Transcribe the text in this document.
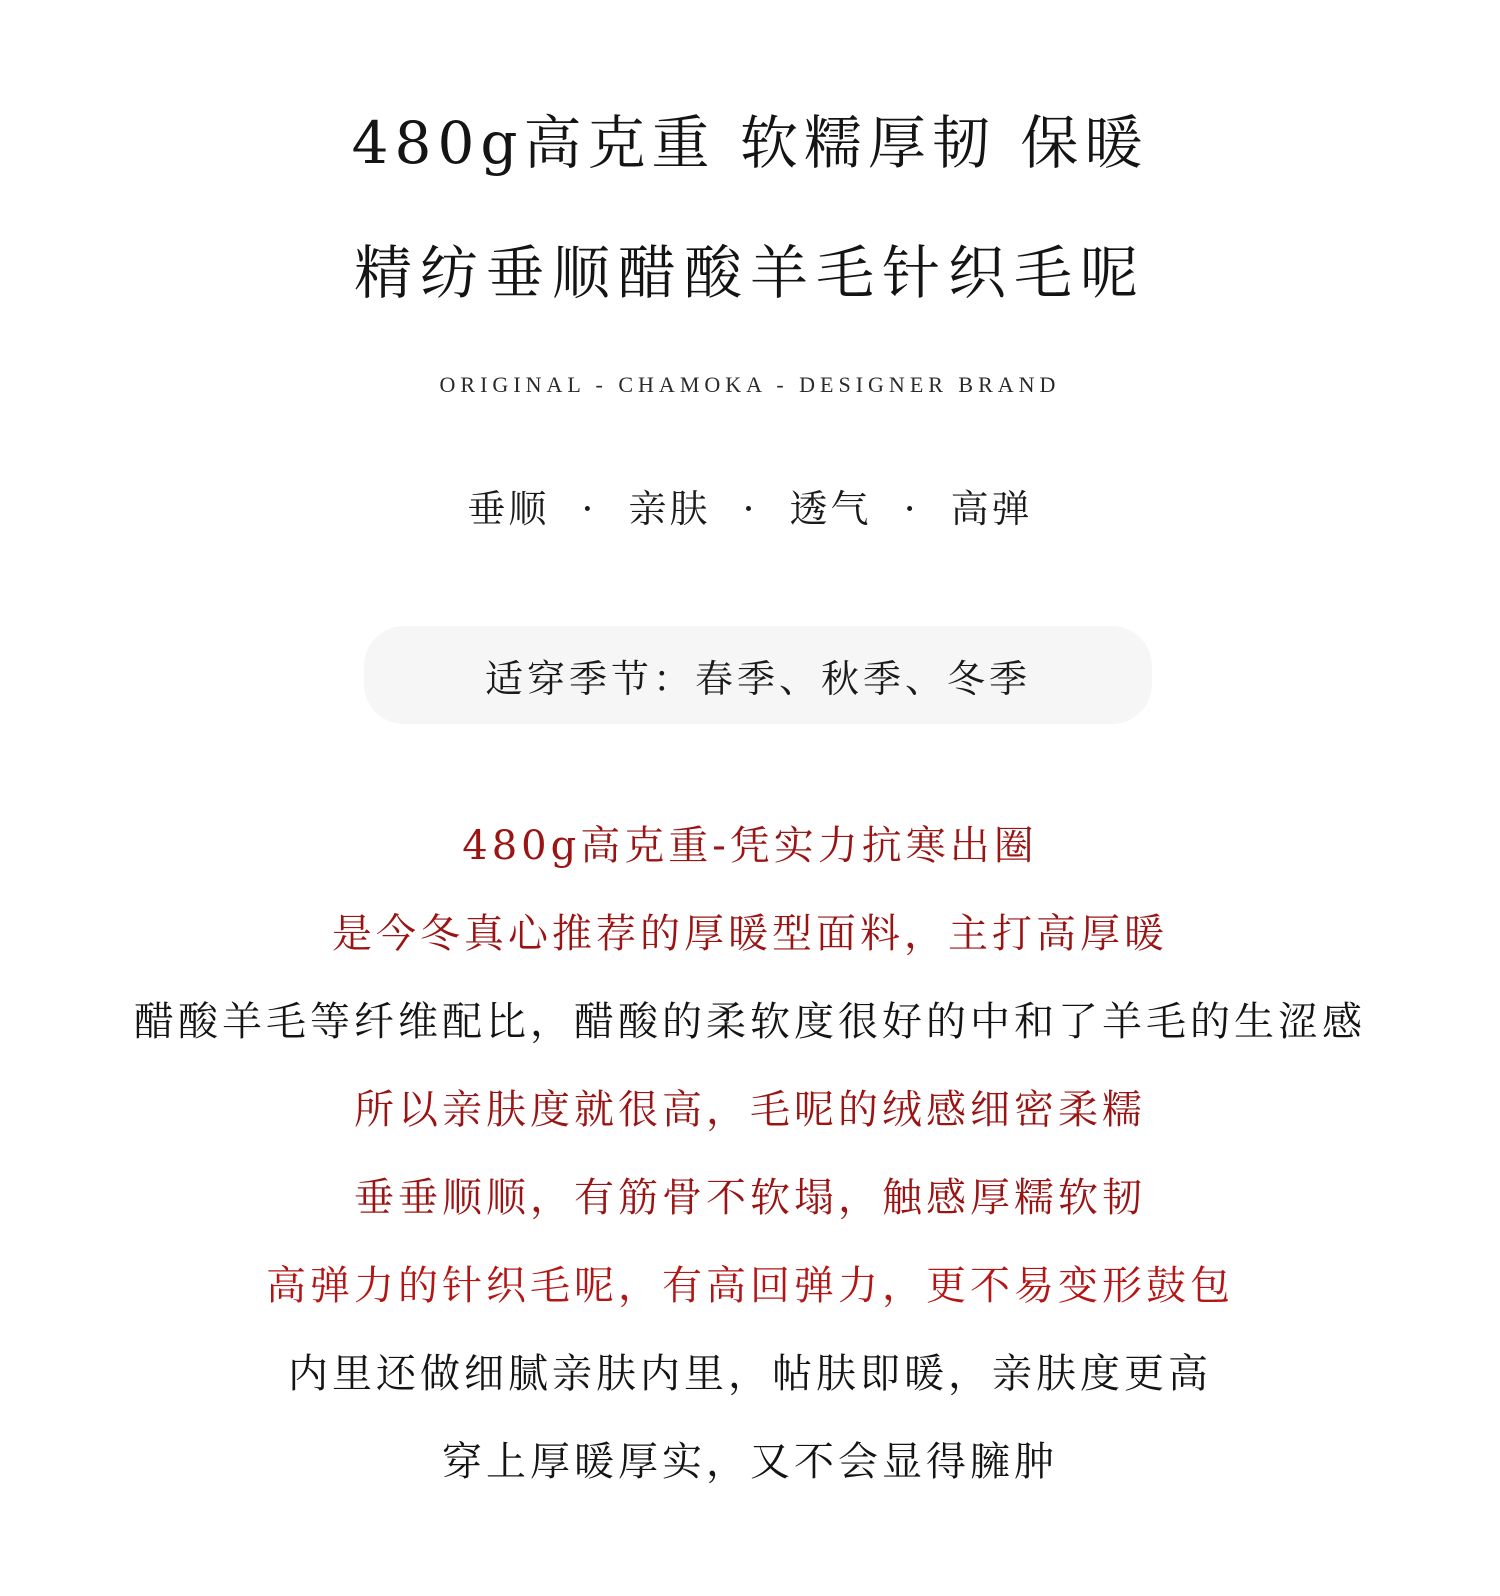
480g高克重 软糯厚韧 保暖
精纺垂顺醋酸羊毛针织毛呢
ORIGINAL - CHAMOKA - DESIGNER BRAND
垂顺 · 亲肤 · 透气 · 高弹
适穿季节：春季、秋季、冬季
480g高克重-凭实力抗寒出圈
是今冬真心推荐的厚暖型面料，主打高厚暖
醋酸羊毛等纤维配比，醋酸的柔软度很好的中和了羊毛的生涩感
所以亲肤度就很高，毛呢的绒感细密柔糯
垂垂顺顺，有筋骨不软塌，触感厚糯软韧
高弹力的针织毛呢，有高回弹力，更不易变形鼓包
内里还做细腻亲肤内里，帖肤即暖，亲肤度更高
穿上厚暖厚实，又不会显得臃肿
